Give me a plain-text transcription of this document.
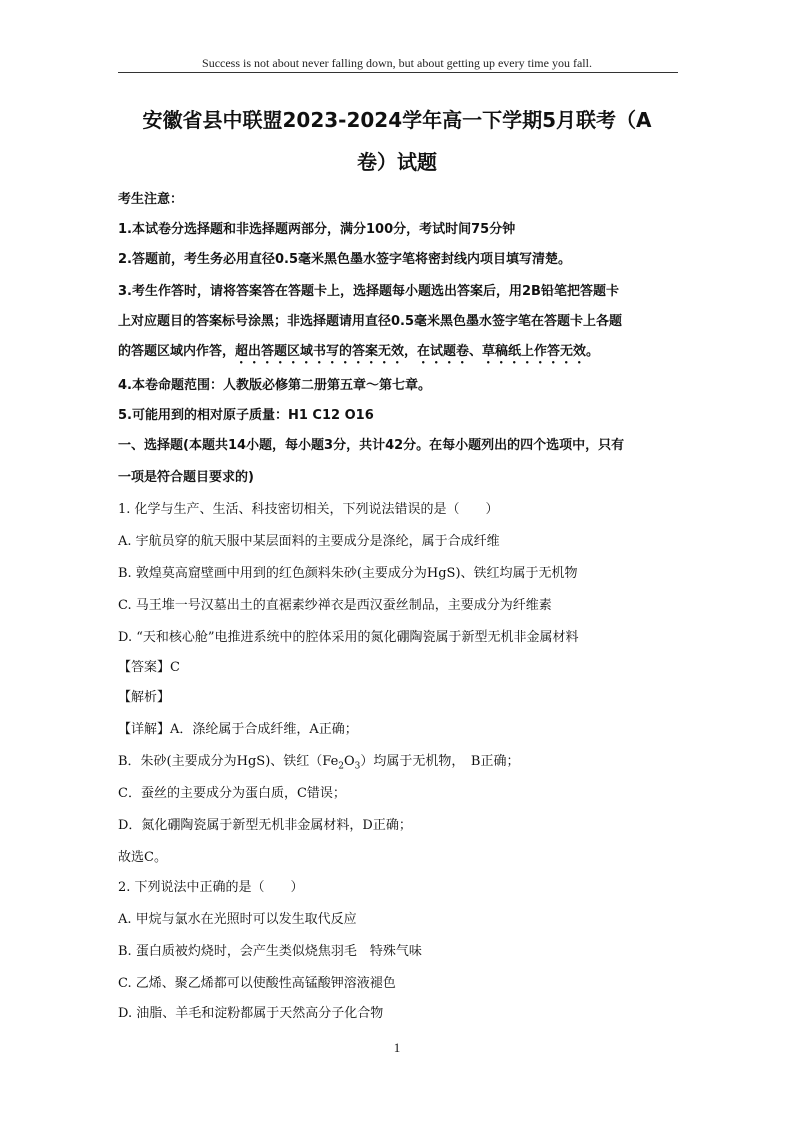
Success is not about never falling down, but about getting up every time you fall.
安徽省县中联盟2023-2024学年高一下学期5月联考（A
卷）试题
考生注意：
1.本试卷分选择题和非选择题两部分，满分100分，考试时间75分钟
2.答题前，考生务必用直径0.5毫米黑色墨水签字笔将密封线内项目填写清楚。
3.考生作答时，请将答案答在答题卡上，选择题每小题选出答案后，用2B铅笔把答题卡
上对应题目的答案标号涂黑；非选择题请用直径0.5毫米黑色墨水签字笔在答题卡上各题
的答题区域内作答，超出答题区域书写的答案无效，在试题卷、草稿纸上作答无效。
4.本卷命题范围：人教版必修第二册第五章～第七章。
5.可能用到的相对原子质量：H1 C12 O16
一、选择题(本题共14小题，每小题3分，共计42分。在每小题列出的四个选项中，只有
一项是符合题目要求的)
1. 化学与生产、生活、科技密切相关，下列说法错误的是（　　）
A. 宇航员穿的航天服中某层面料的主要成分是涤纶，属于合成纤维
B. 敦煌莫高窟壁画中用到的红色颜料朱砂(主要成分为HgS)、铁红均属于无机物
C. 马王堆一号汉墓出土的直裾素纱禅衣是西汉蚕丝制品，主要成分为纤维素
D. “天和核心舱”电推进系统中的腔体采用的氮化硼陶瓷属于新型无机非金属材料
【答案】C
【解析】
【详解】A．涤纶属于合成纤维，A正确；
B．朱砂(主要成分为HgS)、铁红$(Fe_2O_3)$均属于无机物，　B正确；
C．蚕丝的主要成分为蛋白质，C错误；
D．氮化硼陶瓷属于新型无机非金属材料，D正确；
故选C。
2. 下列说法中正确的是（　　）
A. 甲烷与氯水在光照时可以发生取代反应
B. 蛋白质被灼烧时，会产生类似烧焦羽毛　特殊气味
C. 乙烯、聚乙烯都可以使酸性高锰酸钾溶液褪色
D. 油脂、羊毛和淀粉都属于天然高分子化合物
1
